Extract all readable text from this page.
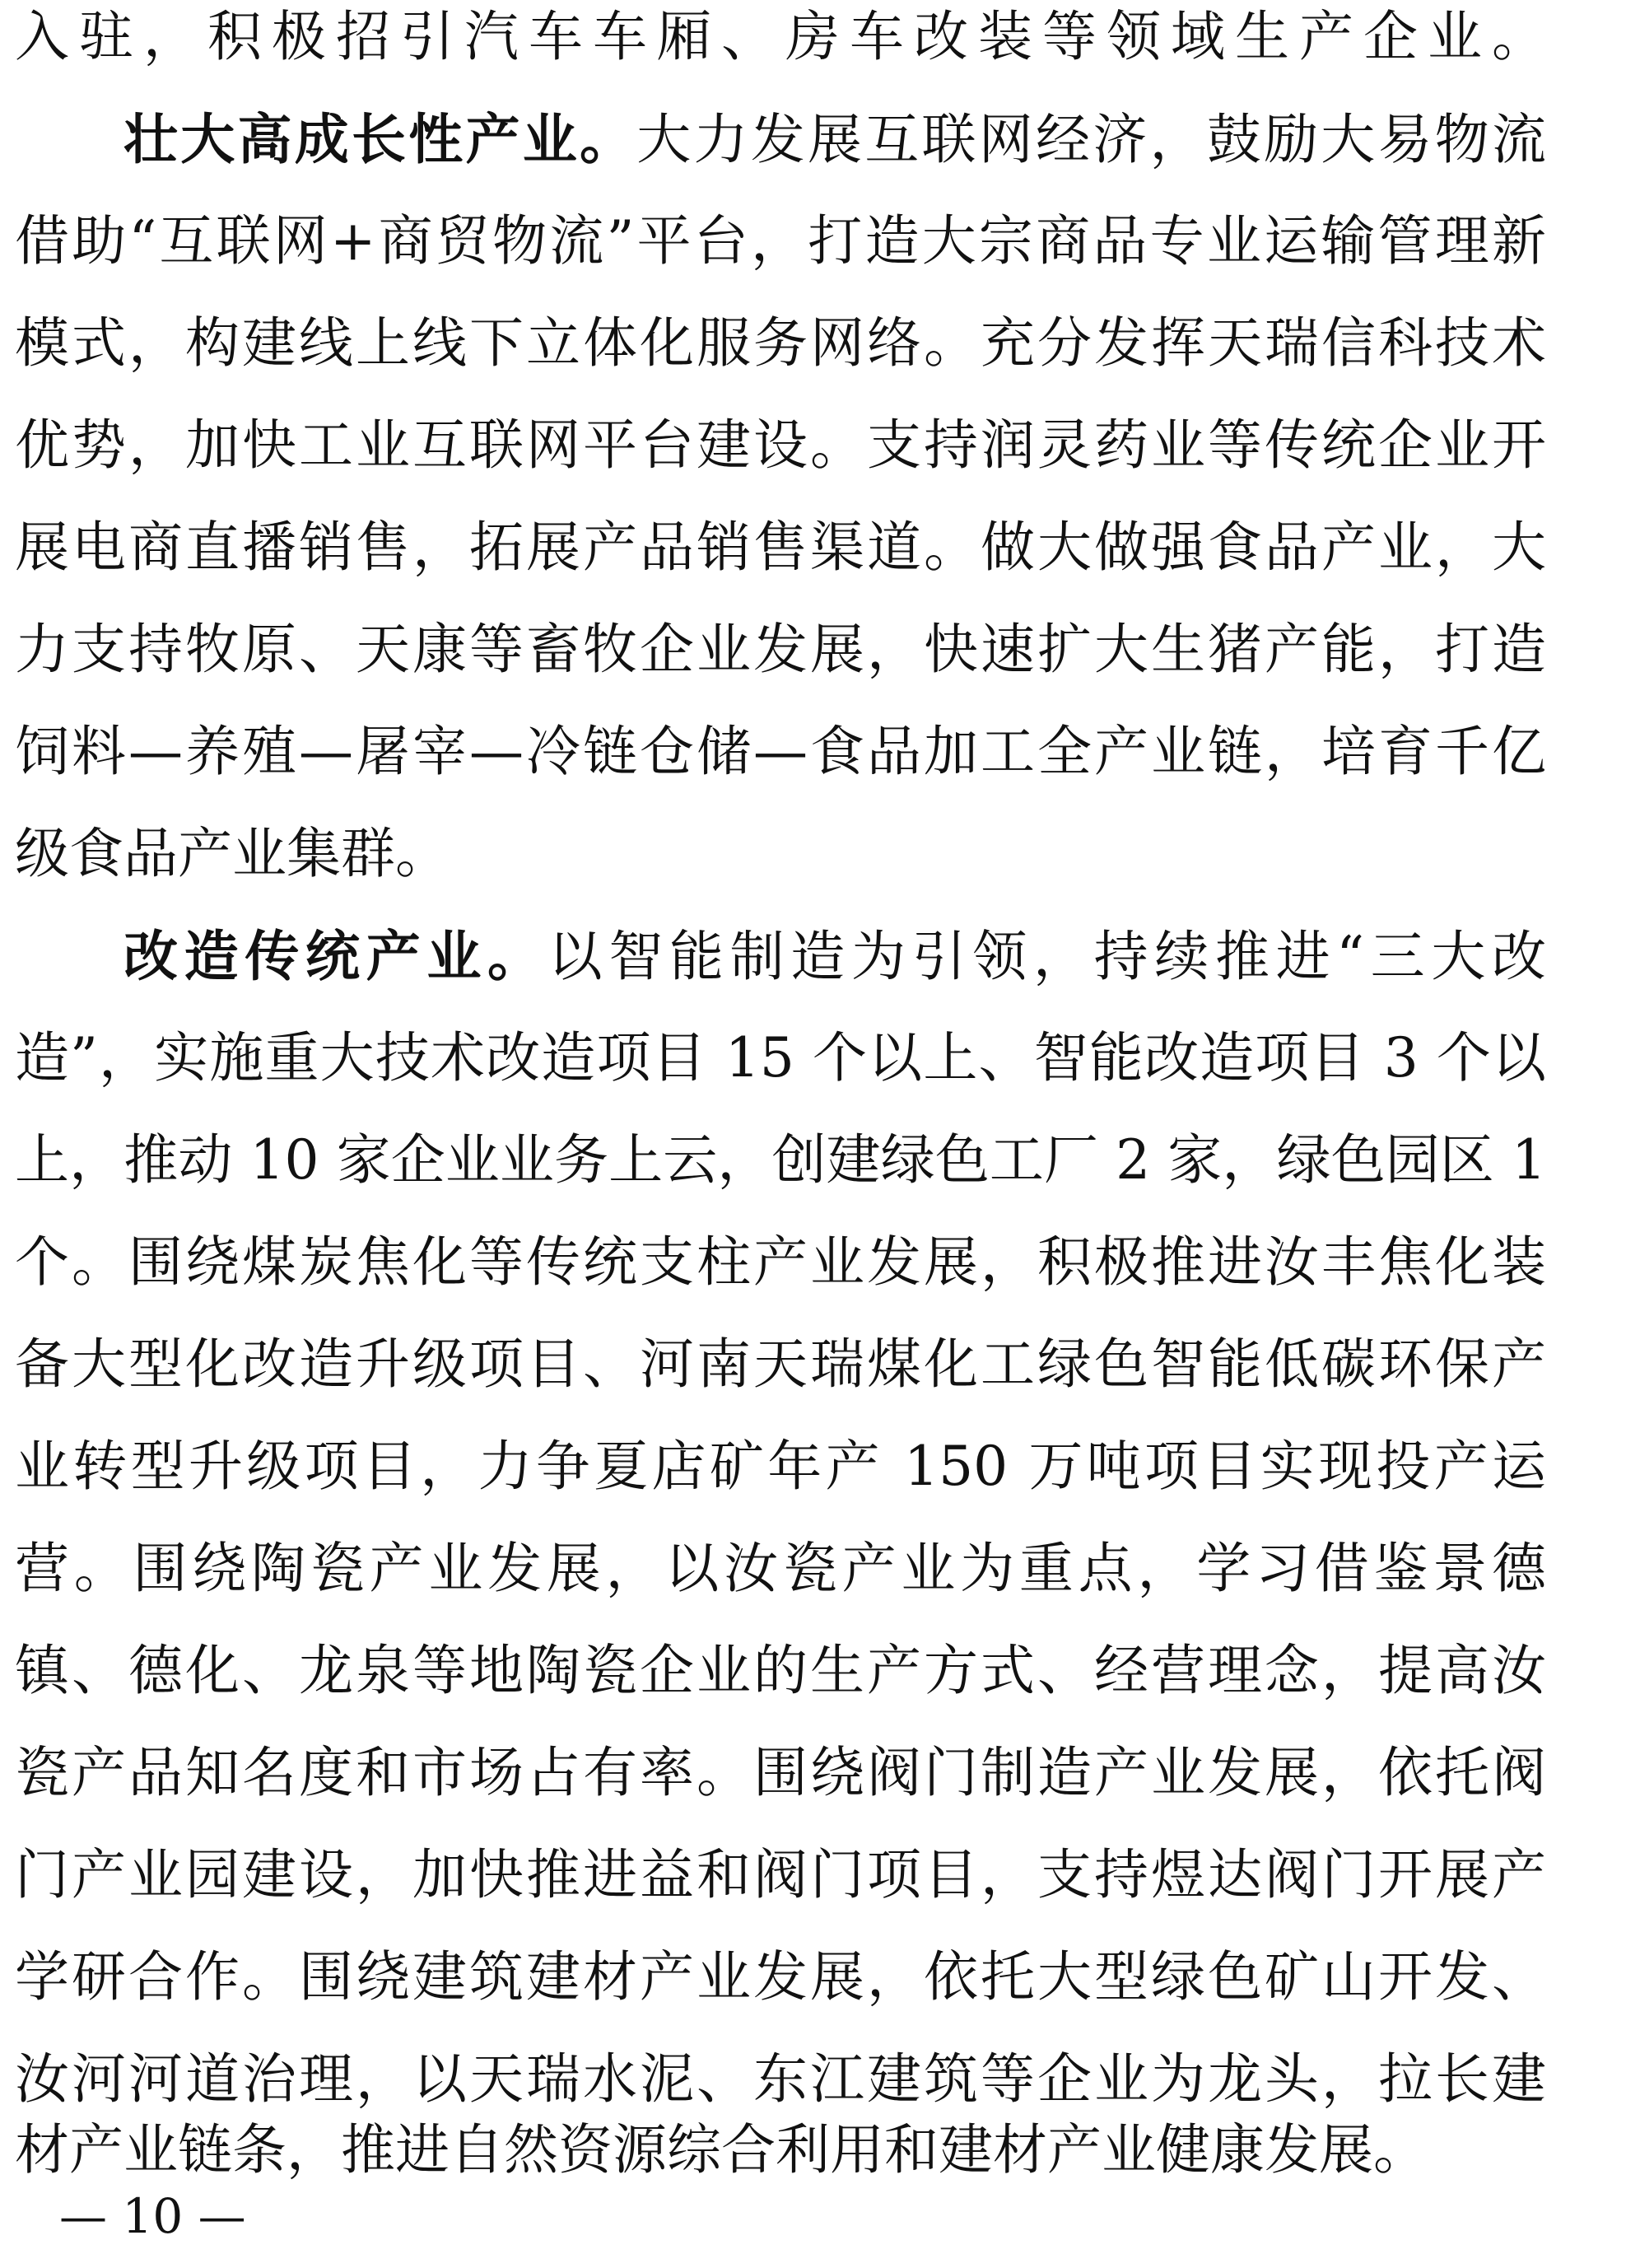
入驻，积极招引汽车车厢、房车改装等领域生产企业。
壮大高成长性产业。大力发展互联网经济，鼓励大易物流
借助“互联网+商贸物流”平台，打造大宗商品专业运输管理新
模式，构建线上线下立体化服务网络。充分发挥天瑞信科技术
优势，加快工业互联网平台建设。支持润灵药业等传统企业开
展电商直播销售，拓展产品销售渠道。做大做强食品产业，大
力支持牧原、天康等畜牧企业发展，快速扩大生猪产能，打造
饲料—养殖—屠宰—冷链仓储—食品加工全产业链，培育千亿
级食品产业集群。
改造传统产业。以智能制造为引领，持续推进“三大改
造”，实施重大技术改造项目 15 个以上、智能改造项目 3 个以
上，推动 10 家企业业务上云，创建绿色工厂 2 家，绿色园区 1
个。围绕煤炭焦化等传统支柱产业发展，积极推进汝丰焦化装
备大型化改造升级项目、河南天瑞煤化工绿色智能低碳环保产
业转型升级项目，力争夏店矿年产 150 万吨项目实现投产运
营。围绕陶瓷产业发展，以汝瓷产业为重点，学习借鉴景德
镇、德化、龙泉等地陶瓷企业的生产方式、经营理念，提高汝
瓷产品知名度和市场占有率。围绕阀门制造产业发展，依托阀
门产业园建设，加快推进益和阀门项目，支持煜达阀门开展产
学研合作。围绕建筑建材产业发展，依托大型绿色矿山开发、
汝河河道治理，以天瑞水泥、东江建筑等企业为龙头，拉长建
材产业链条，推进自然资源综合利用和建材产业健康发展。
— 10 —
